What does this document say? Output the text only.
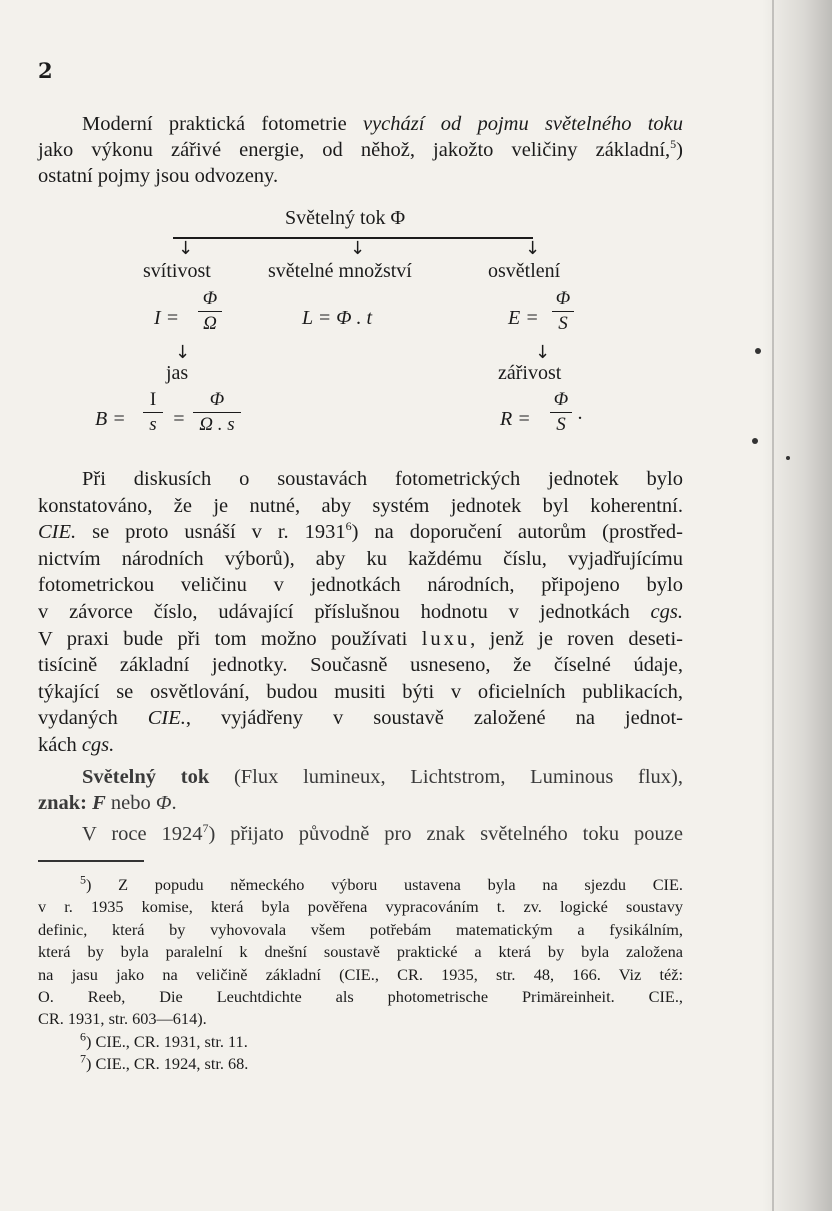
2
Moderní praktická fotometrie vychází od pojmu světelného toku
jako výkonu zářivé energie, od něhož, jakožto veličiny základní,$^5$)
ostatní pojmy jsou odvozeny.
Světelný tok Φ
↓	↓	↓
svítivost	světelné množství	osvětlení
I =
Φ
Ω	L = Φ . t	E =
Φ
S
↓	↓
jas	zářivost
B =
I
s =
Φ
Ω . s	R =
Φ
S
.
Při diskusích o soustavách fotometrických jednotek bylo
konstatováno, že je nutné, aby systém jednotek byl koherentní.
CIE. se proto usnáší v r. 1931$^6$) na doporučení autorům (prostřed-
nictvím národních výborů), aby ku každému číslu, vyjadřujícímu
fotometrickou veličinu v jednotkách národních, připojeno bylo
v závorce číslo, udávající příslušnou hodnotu v jednotkách cgs.
V praxi bude při tom možno používati luxu, jenž je roven deseti-
tisícině základní jednotky. Současně usneseno, že číselné údaje,
týkající se osvětlování, budou musiti býti v oficielních publikacích,
vydaných CIE., vyjádřeny v soustavě založené na jednot-
kách cgs.
Světelný tok (Flux lumineux, Lichtstrom, Luminous flux),
znak: F nebo Φ.
V roce 1924$^7$) přijato původně pro znak světelného toku pouze
$^5$) Z popudu německého výboru ustavena byla na sjezdu CIE.
v r. 1935 komise, která byla pověřena vypracováním t. zv. logické soustavy
definic, která by vyhovovala všem potřebám matematickým a fysikálním,
která by byla paralelní k dnešní soustavě praktické a která by byla založena
na jasu jako na veličině základní (CIE., CR. 1935, str. 48, 166. Viz též:
O. Reeb, Die Leuchtdichte als photometrische Primäreinheit. CIE.,
CR. 1931, str. 603—614).
$^6$) CIE., CR. 1931, str. 11.
$^7$) CIE., CR. 1924, str. 68.
